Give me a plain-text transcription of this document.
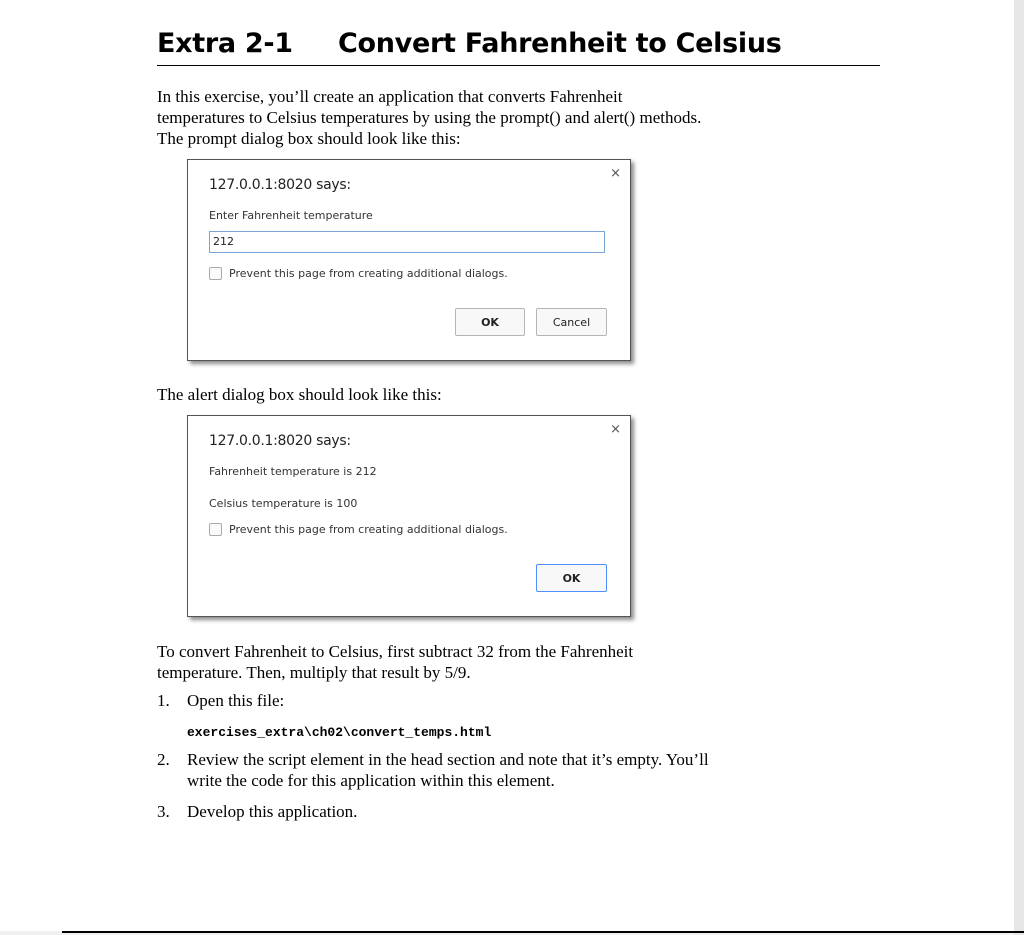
Extra 2-1 Convert Fahrenheit to Celsius
In this exercise, you’ll create an application that converts Fahrenheit
temperatures to Celsius temperatures by using the prompt() and alert() methods.
The prompt dialog box should look like this:
×
127.0.0.1:8020 says:
Enter Fahrenheit temperature
212
Prevent this page from creating additional dialogs.
OK	Cancel
The alert dialog box should look like this:
×
127.0.0.1:8020 says:
Fahrenheit temperature is 212
Celsius temperature is 100
Prevent this page from creating additional dialogs.
OK
To convert Fahrenheit to Celsius, first subtract 32 from the Fahrenheit
temperature. Then, multiply that result by 5/9.
1. Open this file:
2. Review the script element in the head section and note that it’s empty. You’ll
write the code for this application within this element.
3. Develop this application.
exercises_extra\ch02\convert_temps.html
